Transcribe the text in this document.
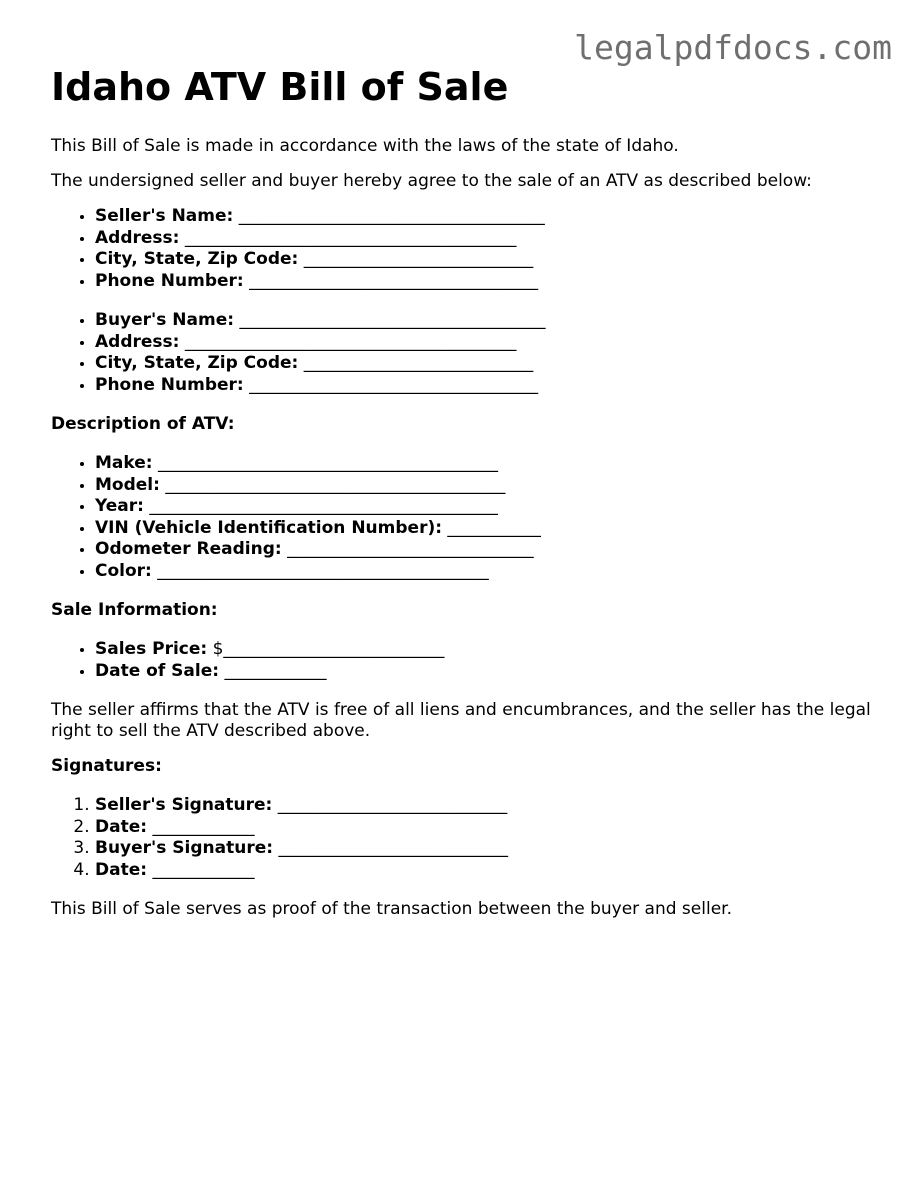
legalpdfdocs.com
Idaho ATV Bill of Sale

This Bill of Sale is made in accordance with the laws of the state of Idaho.

The undersigned seller and buyer hereby agree to the sale of an ATV as described below:

• Seller's Name: ____________________________________
• Address: _______________________________________
• City, State, Zip Code: ___________________________
• Phone Number: __________________________________
• Buyer's Name: ____________________________________
• Address: _______________________________________
• City, State, Zip Code: ___________________________
• Phone Number: __________________________________

Description of ATV:

• Make: ________________________________________
• Model: ________________________________________
• Year: _________________________________________
• VIN (Vehicle Identification Number): ___________
• Odometer Reading: _____________________________
• Color: _______________________________________

Sale Information:

• Sales Price: $__________________________
• Date of Sale: ____________

The seller affirms that the ATV is free of all liens and encumbrances, and the seller has the legal right to sell the ATV described above.

Signatures:

1. Seller's Signature: ___________________________
2. Date: ____________
3. Buyer's Signature: ___________________________
4. Date: ____________

This Bill of Sale serves as proof of the transaction between the buyer and seller.
